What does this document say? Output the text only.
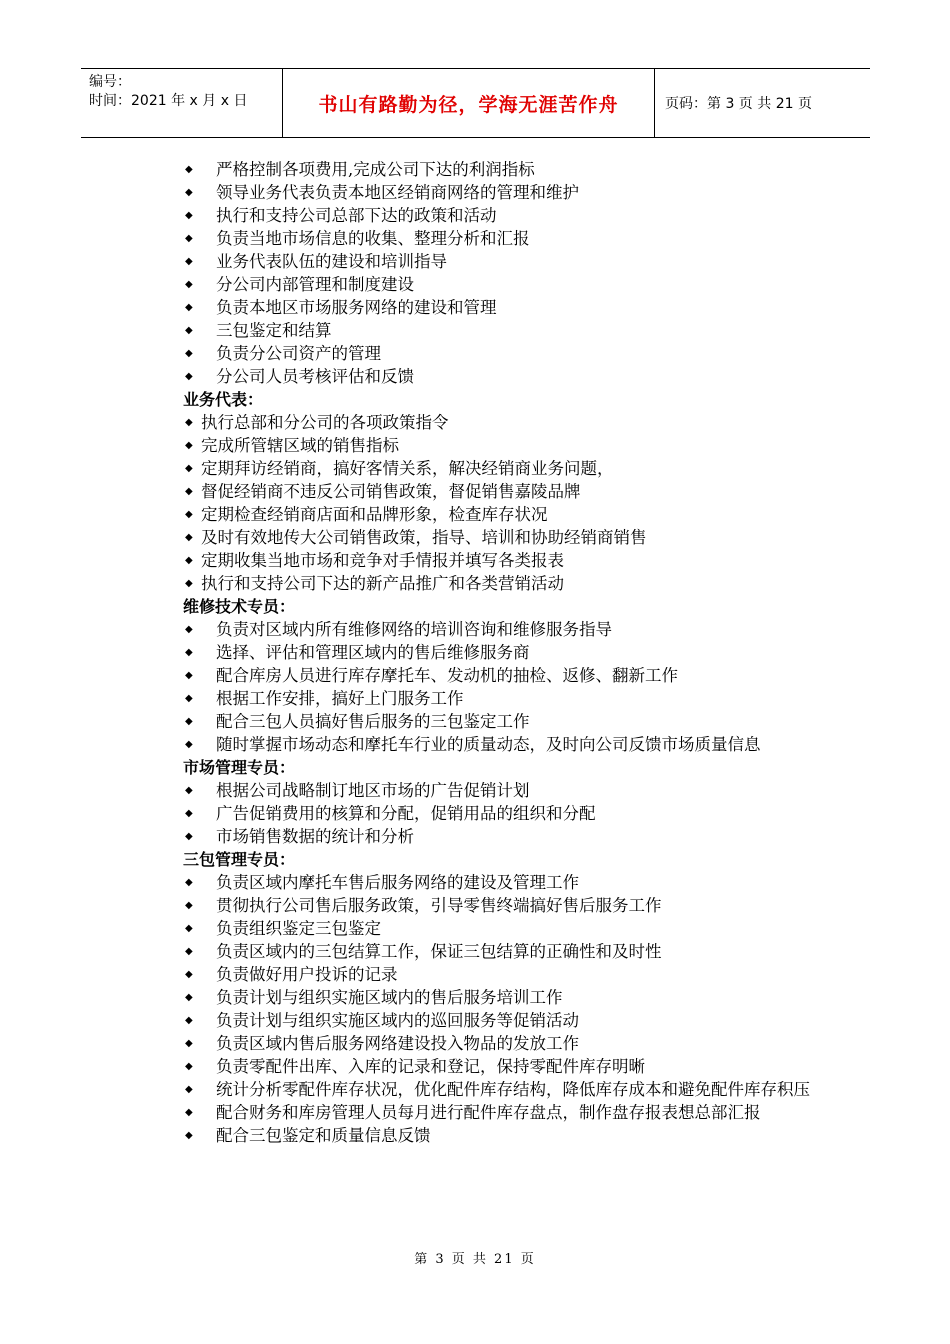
编号：
时间：2021 年 x 月 x 日	书山有路勤为径，学海无涯苦作舟	页码：第 3 页 共 21 页
◆	严格控制各项费用,完成公司下达的利润指标
◆	领导业务代表负责本地区经销商网络的管理和维护
◆	执行和支持公司总部下达的政策和活动
◆	负责当地市场信息的收集、整理分析和汇报
◆	业务代表队伍的建设和培训指导
◆	分公司内部管理和制度建设
◆	负责本地区市场服务网络的建设和管理
◆	三包鉴定和结算
◆	负责分公司资产的管理
◆	分公司人员考核评估和反馈
业务代表：
◆ 执行总部和分公司的各项政策指令
◆ 完成所管辖区域的销售指标
◆ 定期拜访经销商，搞好客情关系，解决经销商业务问题，
◆ 督促经销商不违反公司销售政策，督促销售嘉陵品牌
◆ 定期检查经销商店面和品牌形象，检查库存状况
◆ 及时有效地传大公司销售政策，指导、培训和协助经销商销售
◆ 定期收集当地市场和竞争对手情报并填写各类报表
◆ 执行和支持公司下达的新产品推广和各类营销活动
维修技术专员：
◆	负责对区域内所有维修网络的培训咨询和维修服务指导
◆	选择、评估和管理区域内的售后维修服务商
◆	配合库房人员进行库存摩托车、发动机的抽检、返修、翻新工作
◆	根据工作安排，搞好上门服务工作
◆	配合三包人员搞好售后服务的三包鉴定工作
◆	随时掌握市场动态和摩托车行业的质量动态，及时向公司反馈市场质量信息
市场管理专员：
◆	根据公司战略制订地区市场的广告促销计划
◆	广告促销费用的核算和分配，促销用品的组织和分配
◆	市场销售数据的统计和分析
三包管理专员：
◆	负责区域内摩托车售后服务网络的建设及管理工作
◆	贯彻执行公司售后服务政策，引导零售终端搞好售后服务工作
◆	负责组织鉴定三包鉴定
◆	负责区域内的三包结算工作，保证三包结算的正确性和及时性
◆	负责做好用户投诉的记录
◆	负责计划与组织实施区域内的售后服务培训工作
◆	负责计划与组织实施区域内的巡回服务等促销活动
◆	负责区域内售后服务网络建设投入物品的发放工作
◆	负责零配件出库、入库的记录和登记，保持零配件库存明晰
◆	统计分析零配件库存状况，优化配件库存结构，降低库存成本和避免配件库存积压
◆	配合财务和库房管理人员每月进行配件库存盘点，制作盘存报表想总部汇报
◆	配合三包鉴定和质量信息反馈
第 3 页 共 21 页
